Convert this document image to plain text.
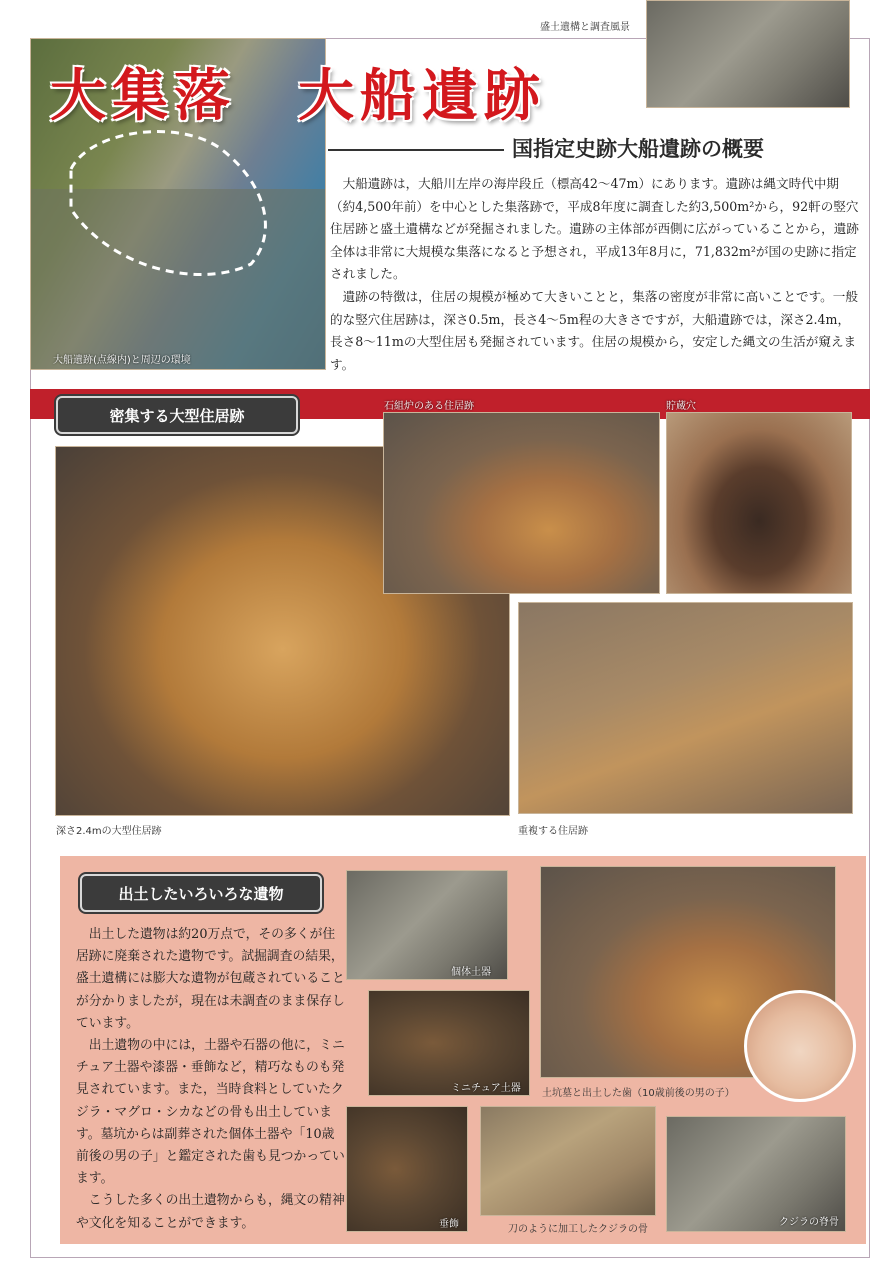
大船遺跡(点線内)と周辺の環境
盛土遺構と調査風景
大集落　大船遺跡
国指定史跡大船遺跡の概要

大船遺跡は，大船川左岸の海岸段丘（標高42～47m）にあります。遺跡は縄文時代中期（約4,500年前）を中心とした集落跡で，平成8年度に調査した約3,500m²から，92軒の竪穴住居跡と盛土遺構などが発掘されました。遺跡の主体部が西側に広がっていることから，遺跡全体は非常に大規模な集落になると予想され，平成13年8月に，71,832m²が国の史跡に指定されました。

遺跡の特徴は，住居の規模が極めて大きいことと，集落の密度が非常に高いことです。一般的な竪穴住居跡は，深さ0.5m，長さ4～5m程の大きさですが，大船遺跡では，深さ2.4m，長さ8～11mの大型住居も発掘されています。住居の規模から，安定した縄文の生活が窺えます。

密集する大型住居跡	石組炉のある住居跡	貯蔵穴
深さ2.4mの大型住居跡	重複する住居跡
出土したいろいろな遺物

出土した遺物は約20万点で，その多くが住居跡に廃棄された遺物です。試掘調査の結果，盛土遺構には膨大な遺物が包蔵されていることが分かりましたが，現在は未調査のまま保存しています。

出土遺物の中には，土器や石器の他に，ミニチュア土器や漆器・垂飾など，精巧なものも発見されています。また，当時食料としていたクジラ・マグロ・シカなどの骨も出土しています。墓坑からは副葬された個体土器や「10歳前後の男の子」と鑑定された歯も見つかっています。

こうした多くの出土遺物からも，縄文の精神や文化を知ることができます。

個体土器
ミニチュア土器 土坑墓と出土した歯（10歳前後の男の子）
垂飾	刀のように加工したクジラの骨
クジラの脊骨
